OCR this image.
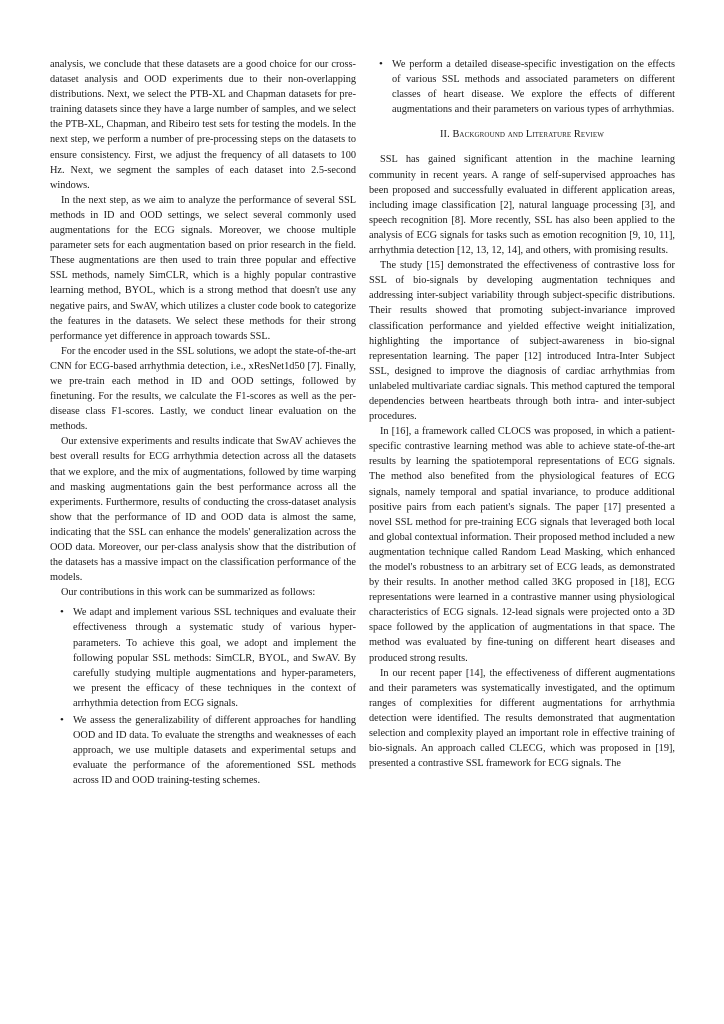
analysis, we conclude that these datasets are a good choice for our cross-dataset analysis and OOD experiments due to their non-overlapping distributions. Next, we select the PTB-XL and Chapman datasets for pre-training datasets since they have a large number of samples, and we select the PTB-XL, Chapman, and Ribeiro test sets for testing the models. In the next step, we perform a number of pre-processing steps on the datasets to ensure consistency. First, we adjust the frequency of all datasets to 100 Hz. Next, we segment the samples of each dataset into 2.5-second windows.

In the next step, as we aim to analyze the performance of several SSL methods in ID and OOD settings, we select several commonly used augmentations for the ECG signals. Moreover, we choose multiple parameter sets for each augmentation based on prior research in the field. These augmentations are then used to train three popular and effective SSL methods, namely SimCLR, which is a highly popular contrastive learning method, BYOL, which is a strong method that doesn't use any negative pairs, and SwAV, which utilizes a cluster code book to categorize the features in the datasets. We select these methods for their strong performance yet difference in approach towards SSL.

For the encoder used in the SSL solutions, we adopt the state-of-the-art CNN for ECG-based arrhythmia detection, i.e., xResNet1d50 [7]. Finally, we pre-train each method in ID and OOD settings, followed by finetuning. For the results, we calculate the F1-scores as well as the per-disease class F1-scores. Lastly, we conduct linear evaluation on the methods.

Our extensive experiments and results indicate that SwAV achieves the best overall results for ECG arrhythmia detection across all the datasets that we explore, and the mix of augmentations, followed by time warping and masking augmentations gain the best performance across all the experiments. Furthermore, results of conducting the cross-dataset analysis show that the performance of ID and OOD data is almost the same, indicating that the SSL can enhance the models' generalization across the OOD data. Moreover, our per-class analysis show that the distribution of the datasets has a massive impact on the classification performance of the models.

Our contributions in this work can be summarized as follows:

• We adapt and implement various SSL techniques and evaluate their effectiveness through a systematic study of various hyper-parameters. To achieve this goal, we adopt and implement the following popular SSL methods: SimCLR, BYOL, and SwAV. By carefully studying multiple augmentations and hyper-parameters, we present the efficacy of these techniques in the context of arrhythmia detection from ECG signals.
• We assess the generalizability of different approaches for handling OOD and ID data. To evaluate the strengths and weaknesses of each approach, we use multiple datasets and experimental setups and evaluate the performance of the aforementioned SSL methods across ID and OOD training-testing schemes.
• We perform a detailed disease-specific investigation on the effects of various SSL methods and associated parameters on different classes of heart disease. We explore the effects of different augmentations and their parameters on various types of arrhythmias.
II. Background and Literature Review

SSL has gained significant attention in the machine learning community in recent years. A range of self-supervised approaches has been proposed and successfully evaluated in different application areas, including image classification [2], natural language processing [3], and speech recognition [8]. More recently, SSL has also been applied to the analysis of ECG signals for tasks such as emotion recognition [9, 10, 11], arrhythmia detection [12, 13, 12, 14], and others, with promising results.

The study [15] demonstrated the effectiveness of contrastive loss for SSL of bio-signals by developing augmentation techniques and addressing inter-subject variability through subject-specific distributions. Their results showed that promoting subject-invariance improved classification performance and yielded effective weight initialization, highlighting the importance of subject-awareness in bio-signal representation learning. The paper [12] introduced Intra-Inter Subject SSL, designed to improve the diagnosis of cardiac arrhythmias from unlabeled multivariate cardiac signals. This method captured the temporal dependencies between heartbeats through both intra- and inter-subject procedures.

In [16], a framework called CLOCS was proposed, in which a patient-specific contrastive learning method was able to achieve state-of-the-art results by learning the spatiotemporal representations of ECG signals. The method also benefited from the physiological features of ECG signals, namely temporal and spatial invariance, to produce additional positive pairs from each patient's signals. The paper [17] presented a novel SSL method for pre-training ECG signals that leveraged both local and global contextual information. Their proposed method included a new augmentation technique called Random Lead Masking, which enhanced the model's robustness to an arbitrary set of ECG leads, as demonstrated by their results. In another method called 3KG proposed in [18], ECG representations were learned in a contrastive manner using physiological characteristics of ECG signals. 12-lead signals were projected onto a 3D space followed by the application of augmentations in that space. The method was evaluated by fine-tuning on different heart diseases and produced strong results.

In our recent paper [14], the effectiveness of different augmentations and their parameters was systematically investigated, and the optimum ranges of complexities for different augmentations for arrhythmia detection were identified. The results demonstrated that augmentation selection and complexity played an important role in effective training of bio-signals. An approach called CLECG, which was proposed in [19], presented a contrastive SSL framework for ECG signals. The
